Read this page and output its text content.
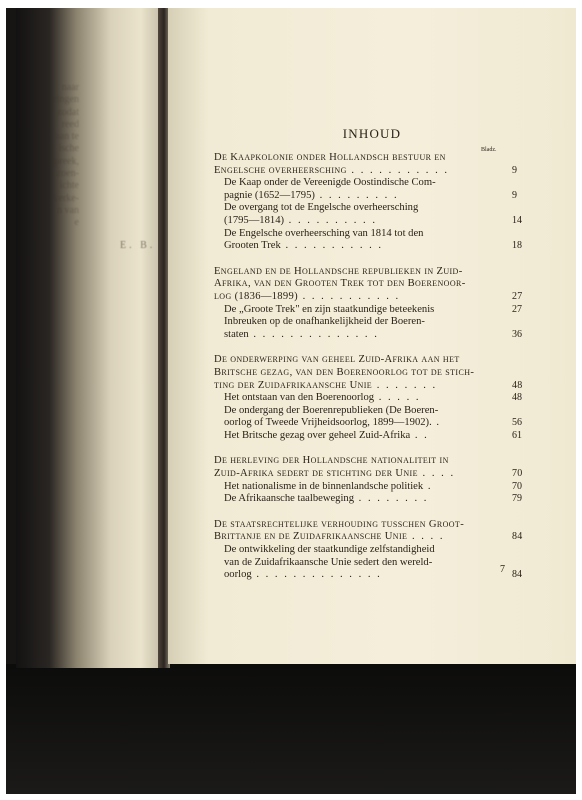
naar
ringen
zodat
reed
aan te
ische
spreek,
zoen-
ichte
verke-
n van
e
E. B.
INHOUD
Bladz.
DE KAAPKOLONIE ONDER HOLLANDSCH BESTUUR EN
ENGELSCHE OVERHEERSCHING . . . . . . . . . . .	9
De Kaap onder de Vereenigde Oostindische Com-
pagnie (1652—1795) . . . . . . . . .	9
De overgang tot de Engelsche overheersching
(1795—1814) . . . . . . . . . .	14
De Engelsche overheersching van 1814 tot den
Grooten Trek . . . . . . . . . . .	18
ENGELAND EN DE HOLLANDSCHE REPUBLIEKEN IN ZUID-
AFRIKA, VAN DEN GROOTEN TREK TOT DEN BOERENOOR-
LOG (1836—1899) . . . . . . . . . . .	27
De „Groote Trek" en zijn staatkundige beteekenis	27
Inbreuken op de onafhankelijkheid der Boeren-
staten . . . . . . . . . . . . . .	36
DE ONDERWERPING VAN GEHEEL ZUID-AFRIKA AAN HET
BRITSCHE GEZAG, VAN DEN BOERENOORLOG TOT DE STICH-
TING DER ZUIDAFRIKAANSCHE UNIE . . . . . . .	48
Het ontstaan van den Boerenoorlog . . . . .	48
De ondergang der Boerenrepublieken (De Boeren-
oorlog of Tweede Vrijheidsoorlog, 1899—1902). .	56
Het Britsche gezag over geheel Zuid-Afrika . .	61
DE HERLEVING DER HOLLANDSCHE NATIONALITEIT IN
ZUID-AFRIKA SEDERT DE STICHTING DER UNIE . . . .	70
Het nationalisme in de binnenlandsche politiek .	70
De Afrikaansche taalbeweging . . . . . . . .	79
DE STAATSRECHTELIJKE VERHOUDING TUSSCHEN GROOT-
BRITTANJE EN DE ZUIDAFRIKAANSCHE UNIE . . . .	84
De ontwikkeling der staatkundige zelfstandigheid
van de Zuidafrikaansche Unie sedert den wereld-
oorlog . . . . . . . . . . . . . .	84
7
